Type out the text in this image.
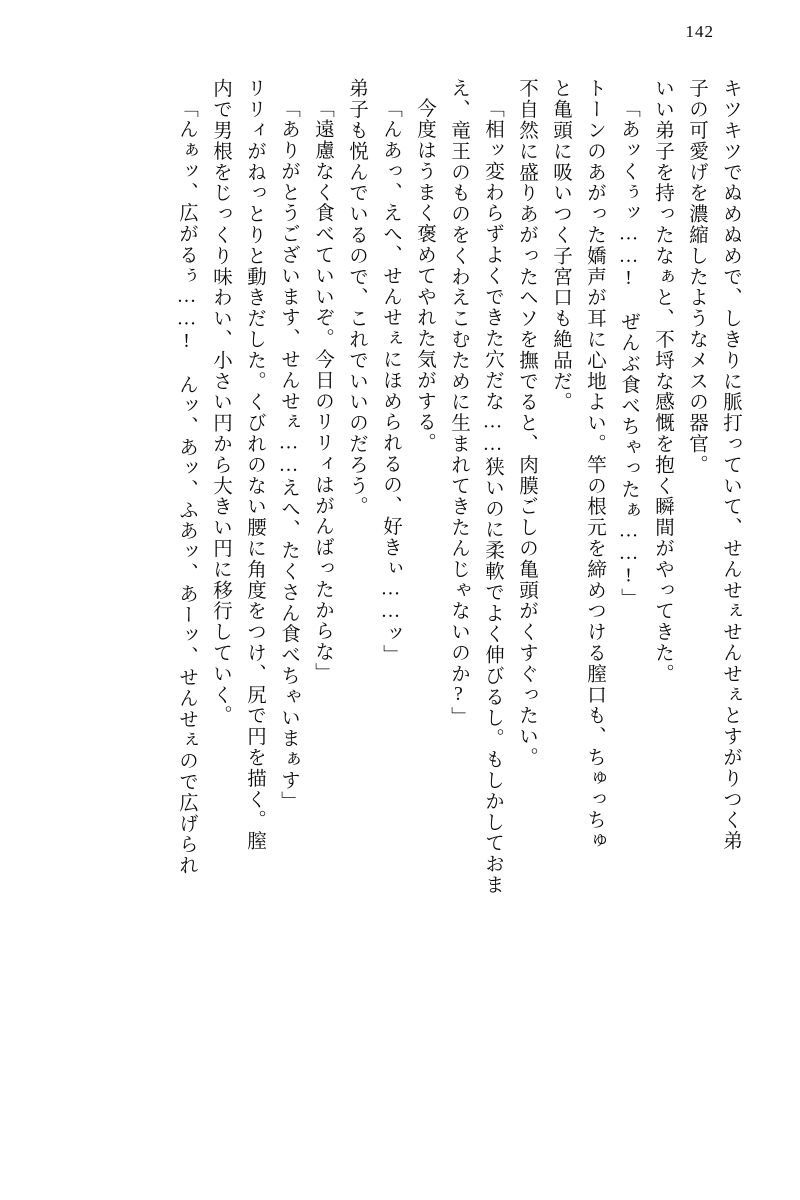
142
キツキツでぬめぬめで、しきりに脈打っていて、せんせぇせんせぇとすがりつく弟
子の可愛げを濃縮したようなメスの器官。
いい弟子を持ったなぁと、不埒な感慨を抱く瞬間がやってきた。
「あッくぅッ……!　ぜんぶ食べちゃったぁ……!」
トーンのあがった嬌声が耳に心地よい。竿の根元を締めつける膣口も、ちゅっちゅ
と亀頭に吸いつく子宮口も絶品だ。
不自然に盛りあがったヘソを撫でると、肉膜ごしの亀頭がくすぐったい。
「相ッ変わらずよくできた穴だな……狭いのに柔軟でよく伸びるし。もしかしておま
え、竜王のものをくわえこむために生まれてきたんじゃないのか?」
今度はうまく褒めてやれた気がする。
「んあっ、えへ、せんせぇにほめられるの、好きぃ……ッ」
弟子も悦んでいるので、これでいいのだろう。
「遠慮なく食べていいぞ。今日のリリィはがんばったからな」
「ありがとうございます、せんせぇ……えへ、たくさん食べちゃいまぁす」
リリィがねっとりと動きだした。くびれのない腰に角度をつけ、尻で円を描く。膣
内で男根をじっくり味わい、小さい円から大きい円に移行していく。
「んぁッ、広がるぅ……!　んッ、あッ、ふあッ、あーッ、せんせぇので広げられ
